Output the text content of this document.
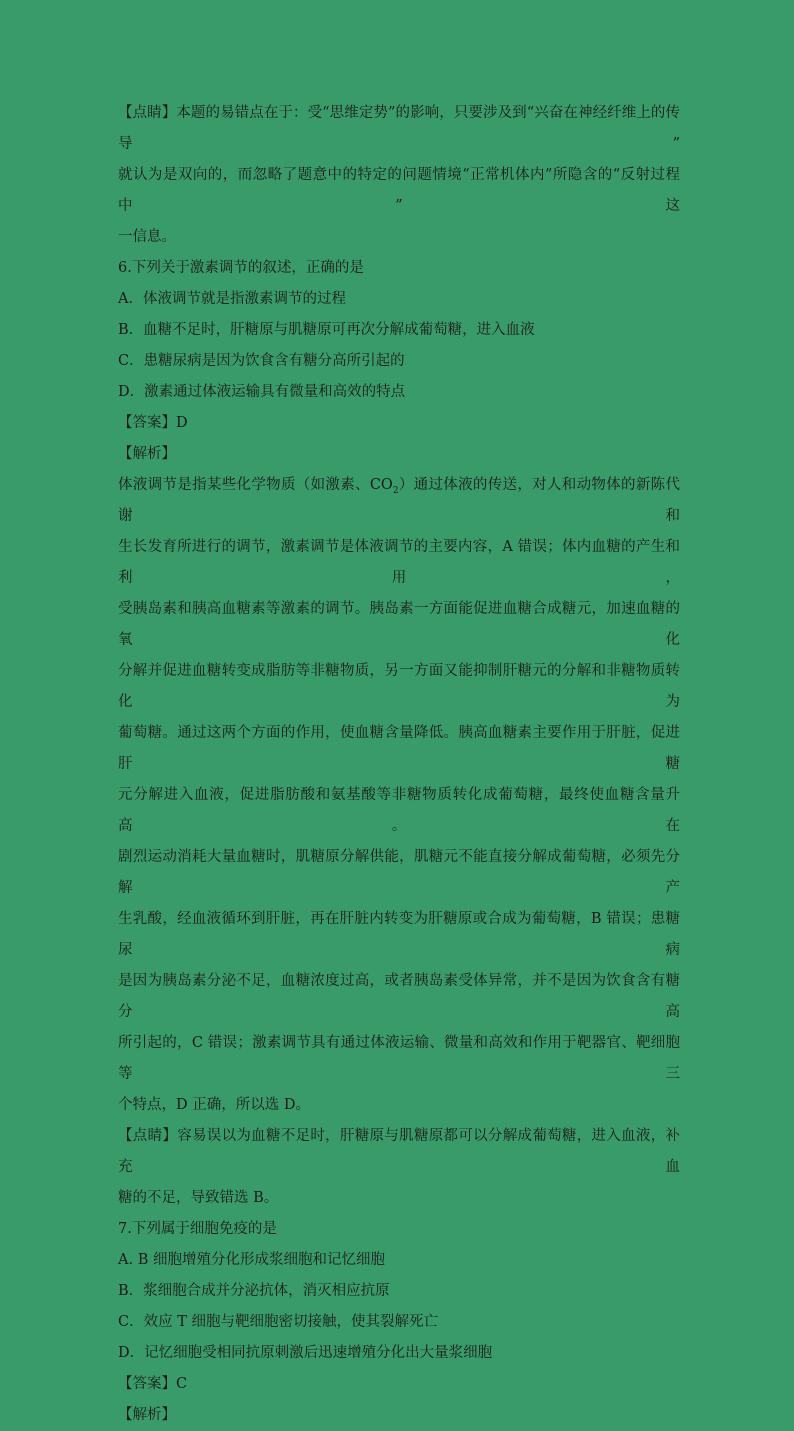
【点睛】本题的易错点在于：受“思维定势”的影响，只要涉及到“兴奋在神经纤维上的传导”

就认为是双向的，而忽略了题意中的特定的问题情境“正常机体内”所隐含的“反射过程中”这

一信息。

6.下列关于激素调节的叙述，正确的是

A．体液调节就是指激素调节的过程

B．血糖不足时，肝糖原与肌糖原可再次分解成葡萄糖，进入血液

C．患糖尿病是因为饮食含有糖分高所引起的

D．激素通过体液运输具有微量和高效的特点

【答案】D

【解析】

体液调节是指某些化学物质（如激素、$CO_2$）通过体液的传送，对人和动物体的新陈代谢和

生长发育所进行的调节，激素调节是体液调节的主要内容，A 错误；体内血糖的产生和利用，

受胰岛素和胰高血糖素等激素的调节。胰岛素一方面能促进血糖合成糖元，加速血糖的氧化

分解并促进血糖转变成脂肪等非糖物质，另一方面又能抑制肝糖元的分解和非糖物质转化为

葡萄糖。通过这两个方面的作用，使血糖含量降低。胰高血糖素主要作用于肝脏，促进肝糖

元分解进入血液，促进脂肪酸和氨基酸等非糖物质转化成葡萄糖，最终使血糖含量升高。在

剧烈运动消耗大量血糖时，肌糖原分解供能，肌糖元不能直接分解成葡萄糖，必须先分解产

生乳酸，经血液循环到肝脏，再在肝脏内转变为肝糖原或合成为葡萄糖，B 错误；患糖尿病

是因为胰岛素分泌不足，血糖浓度过高，或者胰岛素受体异常，并不是因为饮食含有糖分高

所引起的，C 错误；激素调节具有通过体液运输、微量和高效和作用于靶器官、靶细胞等三

个特点，D 正确，所以选 D。

【点睛】容易误以为血糖不足时，肝糖原与肌糖原都可以分解成葡萄糖，进入血液，补充血

糖的不足，导致错选 B。

7.下列属于细胞免疫的是

A. B 细胞增殖分化形成浆细胞和记忆细胞

B．浆细胞合成并分泌抗体，消灭相应抗原

C．效应 T 细胞与靶细胞密切接触，使其裂解死亡

D．记忆细胞受相同抗原刺激后迅速增殖分化出大量浆细胞

【答案】C

【解析】
